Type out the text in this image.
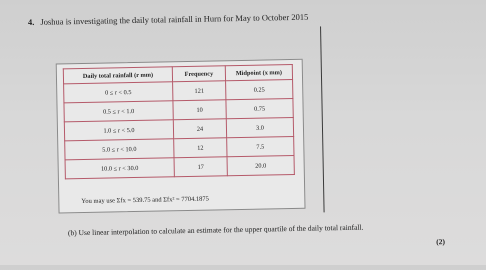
4. Joshua is investigating the daily total rainfall in Hurn for May to October 2015
Daily total rainfall (r mm)	Frequency	Midpoint (x mm)
0 ≤ r < 0.5	121	0.25
0.5 ≤ r < 1.0	10	0.75
1.0 ≤ r < 5.0	24	3.0
5.0 ≤ r < 10.0	12	7.5
10.0 ≤ r < 30.0	17	20.0
You may use Σfx = 539.75 and Σfx² = 7704.1875
(b) Use linear interpolation to calculate an estimate for the upper quartile of the daily total rainfall.
(2)
